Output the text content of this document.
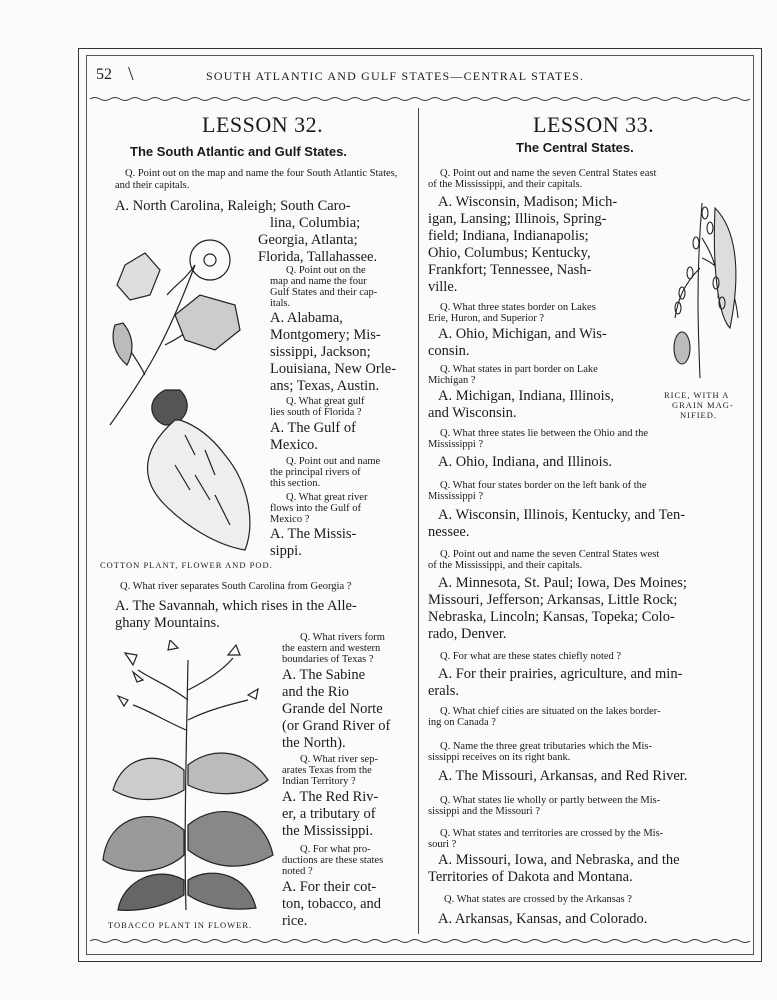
52 \	SOUTH ATLANTIC AND GULF STATES—CENTRAL STATES.
LESSON 32.
The South Atlantic and Gulf States.
Q. Point out on the map and name the four South Atlantic States, and their capitals.
A. North Carolina, Raleigh; South Caro-
lina, Columbia;
Georgia, Atlanta;
Florida, Tallahassee.
Q. Point out on the
map and name the four
Gulf States and their cap-
itals.
A. Alabama,
Montgomery; Mis-
sissippi, Jackson;
Louisiana, New Orle-
ans; Texas, Austin.
Q. What great gulf
lies south of Florida ?
A. The Gulf of
Mexico.
Q. Point out and name
the principal rivers of
this section.
Q. What great river
flows into the Gulf of
Mexico ?
A. The Missis-
sippi.
COTTON PLANT, FLOWER AND POD.
Q. What river separates South Carolina from Georgia ?
A. The Savannah, which rises in the Alle-
ghany Mountains.
Q. What rivers form
the eastern and western
boundaries of Texas ?
A. The Sabine
and the Rio
Grande del Norte
(or Grand River of
the North).
Q. What river sep-
arates Texas from the
Indian Territory ?
A. The Red Riv-
er, a tributary of
the Mississippi.
Q. For what pro-
ductions are these states
noted ?
A. For their cot-
ton, tobacco, and
rice.
TOBACCO PLANT IN FLOWER.
LESSON 33.
The Central States.
Q. Point out and name the seven Central States east
of the Mississippi, and their capitals.
A. Wisconsin, Madison; Mich-
igan, Lansing; Illinois, Spring-
field; Indiana, Indianapolis;
Ohio, Columbus; Kentucky,
Frankfort; Tennessee, Nash-
ville.
Q. What three states border on Lakes
Erie, Huron, and Superior ?
A. Ohio, Michigan, and Wis-
consin.
Q. What states in part border on Lake
Michigan ?
A. Michigan, Indiana, Illinois,
and Wisconsin.
RICE, WITH A
GRAIN MAG-
NIFIED.
Q. What three states lie between the Ohio and the
Mississippi ?
A. Ohio, Indiana, and Illinois.
Q. What four states border on the left bank of the
Mississippi ?
A. Wisconsin, Illinois, Kentucky, and Ten-
nessee.
Q. Point out and name the seven Central States west
of the Mississippi, and their capitals.
A. Minnesota, St. Paul; Iowa, Des Moines;
Missouri, Jefferson; Arkansas, Little Rock;
Nebraska, Lincoln; Kansas, Topeka; Colo-
rado, Denver.
Q. For what are these states chiefly noted ?
A. For their prairies, agriculture, and min-
erals.
Q. What chief cities are situated on the lakes border-
ing on Canada ?
Q. Name the three great tributaries which the Mis-
sissippi receives on its right bank.
A. The Missouri, Arkansas, and Red River.
Q. What states lie wholly or partly between the Mis-
sissippi and the Missouri ?
Q. What states and territories are crossed by the Mis-
souri ?
A. Missouri, Iowa, and Nebraska, and the
Territories of Dakota and Montana.
Q. What states are crossed by the Arkansas ?
A. Arkansas, Kansas, and Colorado.
